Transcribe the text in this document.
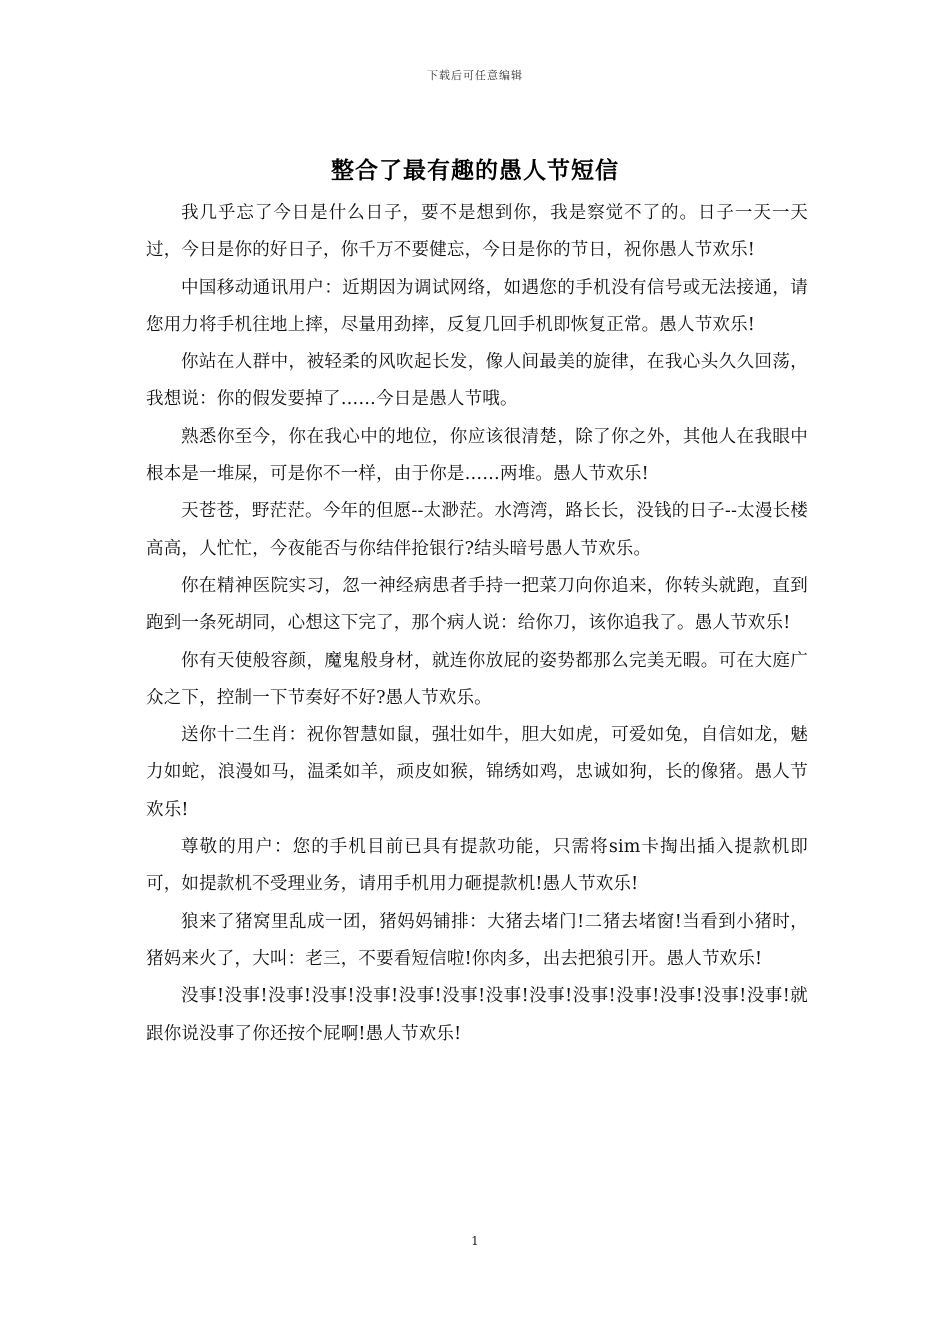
下载后可任意编辑
整合了最有趣的愚人节短信

我几乎忘了今日是什么日子，要不是想到你，我是察觉不了的。日子一天一天过，今日是你的好日子，你千万不要健忘，今日是你的节日，祝你愚人节欢乐!

中国移动通讯用户：近期因为调试网络，如遇您的手机没有信号或无法接通，请您用力将手机往地上摔，尽量用劲摔，反复几回手机即恢复正常。愚人节欢乐!

你站在人群中，被轻柔的风吹起长发，像人间最美的旋律，在我心头久久回荡，我想说：你的假发要掉了……今日是愚人节哦。

熟悉你至今，你在我心中的地位，你应该很清楚，除了你之外，其他人在我眼中根本是一堆屎，可是你不一样，由于你是……两堆。愚人节欢乐!

天苍苍，野茫茫。今年的但愿--太渺茫。水湾湾，路长长，没钱的日子--太漫长楼高高，人忙忙，今夜能否与你结伴抢银行?结头暗号愚人节欢乐。

你在精神医院实习，忽一神经病患者手持一把菜刀向你追来，你转头就跑，直到跑到一条死胡同，心想这下完了，那个病人说：给你刀，该你追我了。愚人节欢乐!

你有天使般容颜，魔鬼般身材，就连你放屁的姿势都那么完美无暇。可在大庭广众之下，控制一下节奏好不好?愚人节欢乐。

送你十二生肖：祝你智慧如鼠，强壮如牛，胆大如虎，可爱如兔，自信如龙，魅力如蛇，浪漫如马，温柔如羊，顽皮如猴，锦绣如鸡，忠诚如狗，长的像猪。愚人节欢乐!

尊敬的用户：您的手机目前已具有提款功能，只需将sim卡掏出插入提款机即可，如提款机不受理业务，请用手机用力砸提款机!愚人节欢乐!

狼来了猪窝里乱成一团，猪妈妈铺排：大猪去堵门!二猪去堵窗!当看到小猪时，猪妈来火了，大叫：老三，不要看短信啦!你肉多，出去把狼引开。愚人节欢乐!

没事!没事!没事!没事!没事!没事!没事!没事!没事!没事!没事!没事!没事!没事!就跟你说没事了你还按个屁啊!愚人节欢乐!

1
